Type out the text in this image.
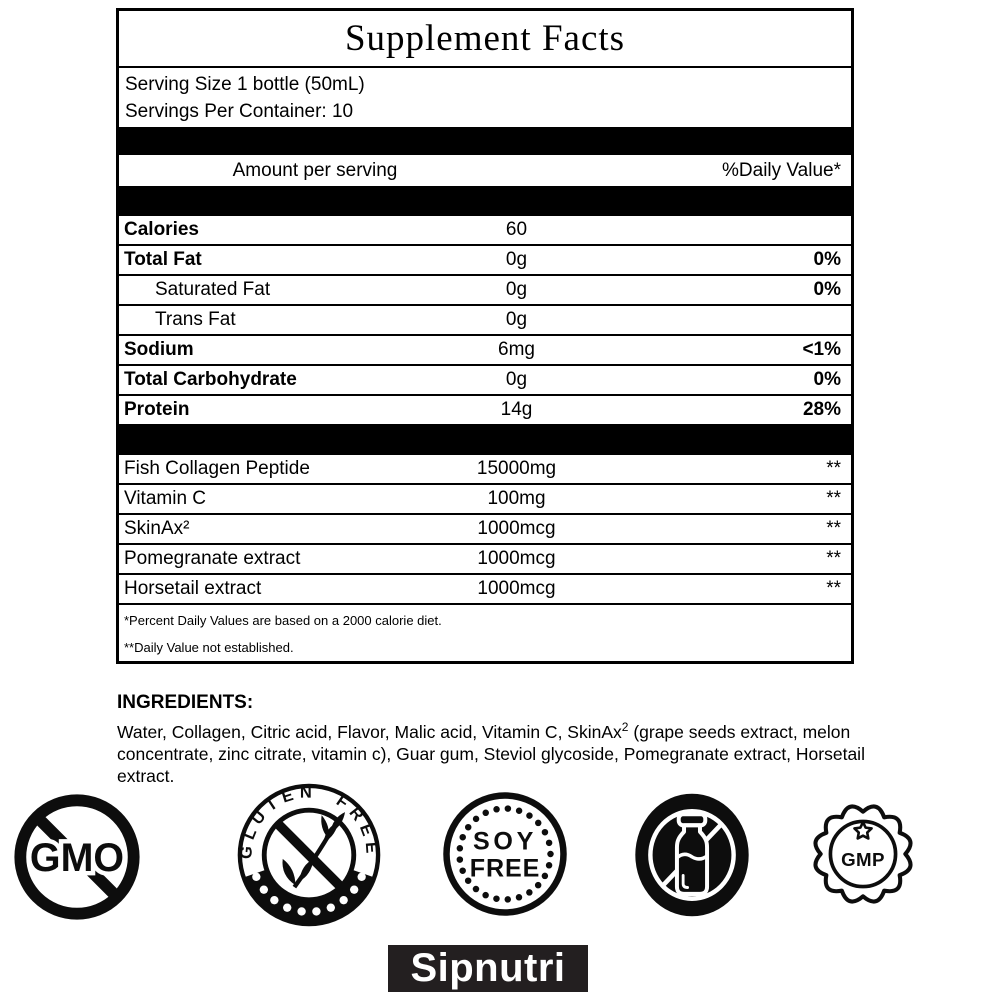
Supplement Facts
Serving Size 1 bottle (50mL)
Servings Per Container: 10
Amount per serving	%Daily Value*
Calories	60
Total Fat	0g	0%
Saturated Fat	0g	0%
Trans Fat	0g
Sodium	6mg	<1%
Total Carbohydrate	0g	0%
Protein	14g	28%
Fish Collagen Peptide	15000mg	**
Vitamin C	100mg	**
SkinAx²	1000mcg	**
Pomegranate extract	1000mcg	**
Horsetail extract	1000mcg	**
*Percent Daily Values are based on a 2000 calorie diet.
**Daily Value not established.
INGREDIENTS:
Water, Collagen, Citric acid, Flavor, Malic acid, Vitamin C, SkinAx$^2$ (grape seeds extract, melon concentrate, zinc citrate, vitamin c), Guar gum, Steviol glycoside, Pomegranate extract, Horsetail extract.
GMO	GLUTEN FREE	SOY
FREE	GMP
Sipnutri
